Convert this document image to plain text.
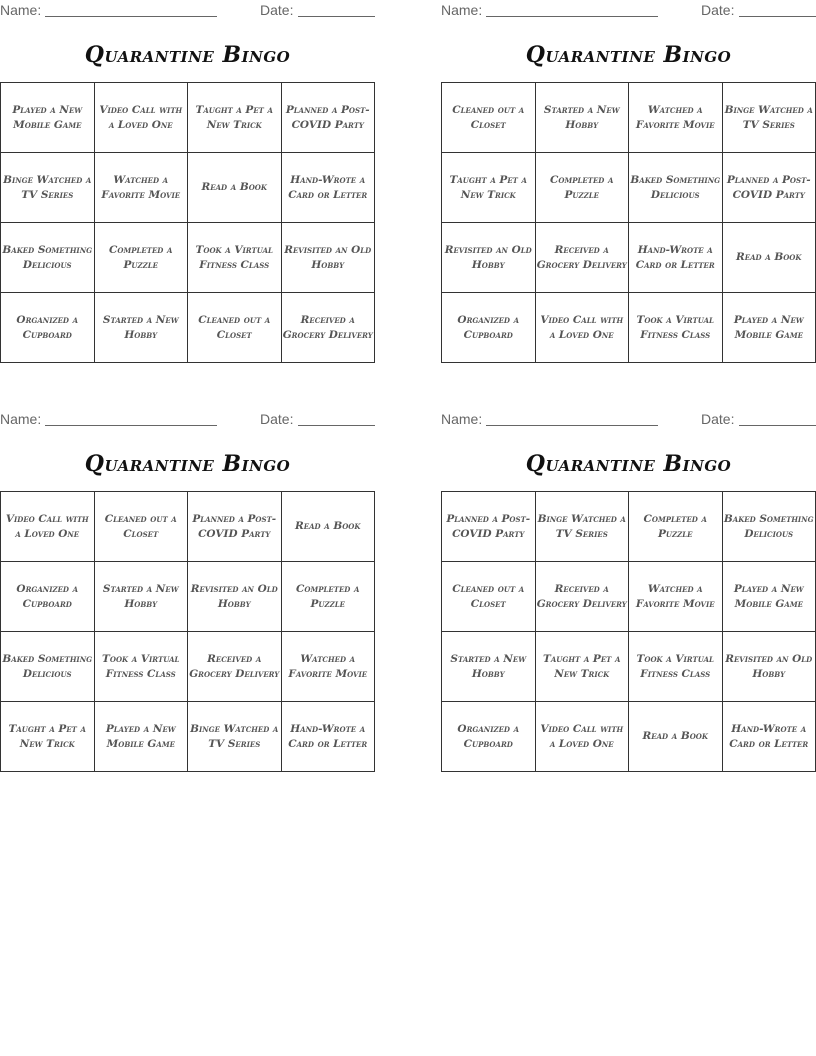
Name:	Date:
Quarantine Bingo
Played a New Mobile Game	Video Call with a Loved One	Taught a Pet a New Trick	Planned a Post-COVID Party
Binge Watched a TV Series	Watched a Favorite Movie	Read a Book	Hand-Wrote a Card or Letter
Baked Something Delicious	Completed a Puzzle	Took a Virtual Fitness Class	Revisited an Old Hobby
Organized a Cupboard	Started a New Hobby	Cleaned out a Closet	Received a Grocery Delivery
Name:	Date:
Quarantine Bingo
Cleaned out a Closet	Started a New Hobby	Watched a Favorite Movie	Binge Watched a TV Series
Taught a Pet a New Trick	Completed a Puzzle	Baked Something Delicious	Planned a Post-COVID Party
Revisited an Old Hobby	Received a Grocery Delivery	Hand-Wrote a Card or Letter	Read a Book
Organized a Cupboard	Video Call with a Loved One	Took a Virtual Fitness Class	Played a New Mobile Game
Name:	Date:
Quarantine Bingo
Video Call with a Loved One	Cleaned out a Closet	Planned a Post-COVID Party	Read a Book
Organized a Cupboard	Started a New Hobby	Revisited an Old Hobby	Completed a Puzzle
Baked Something Delicious	Took a Virtual Fitness Class	Received a Grocery Delivery	Watched a Favorite Movie
Taught a Pet a New Trick	Played a New Mobile Game	Binge Watched a TV Series	Hand-Wrote a Card or Letter
Name:	Date:
Quarantine Bingo
Planned a Post-COVID Party	Binge Watched a TV Series	Completed a Puzzle	Baked Something Delicious
Cleaned out a Closet	Received a Grocery Delivery	Watched a Favorite Movie	Played a New Mobile Game
Started a New Hobby	Taught a Pet a New Trick	Took a Virtual Fitness Class	Revisited an Old Hobby
Organized a Cupboard	Video Call with a Loved One	Read a Book	Hand-Wrote a Card or Letter
